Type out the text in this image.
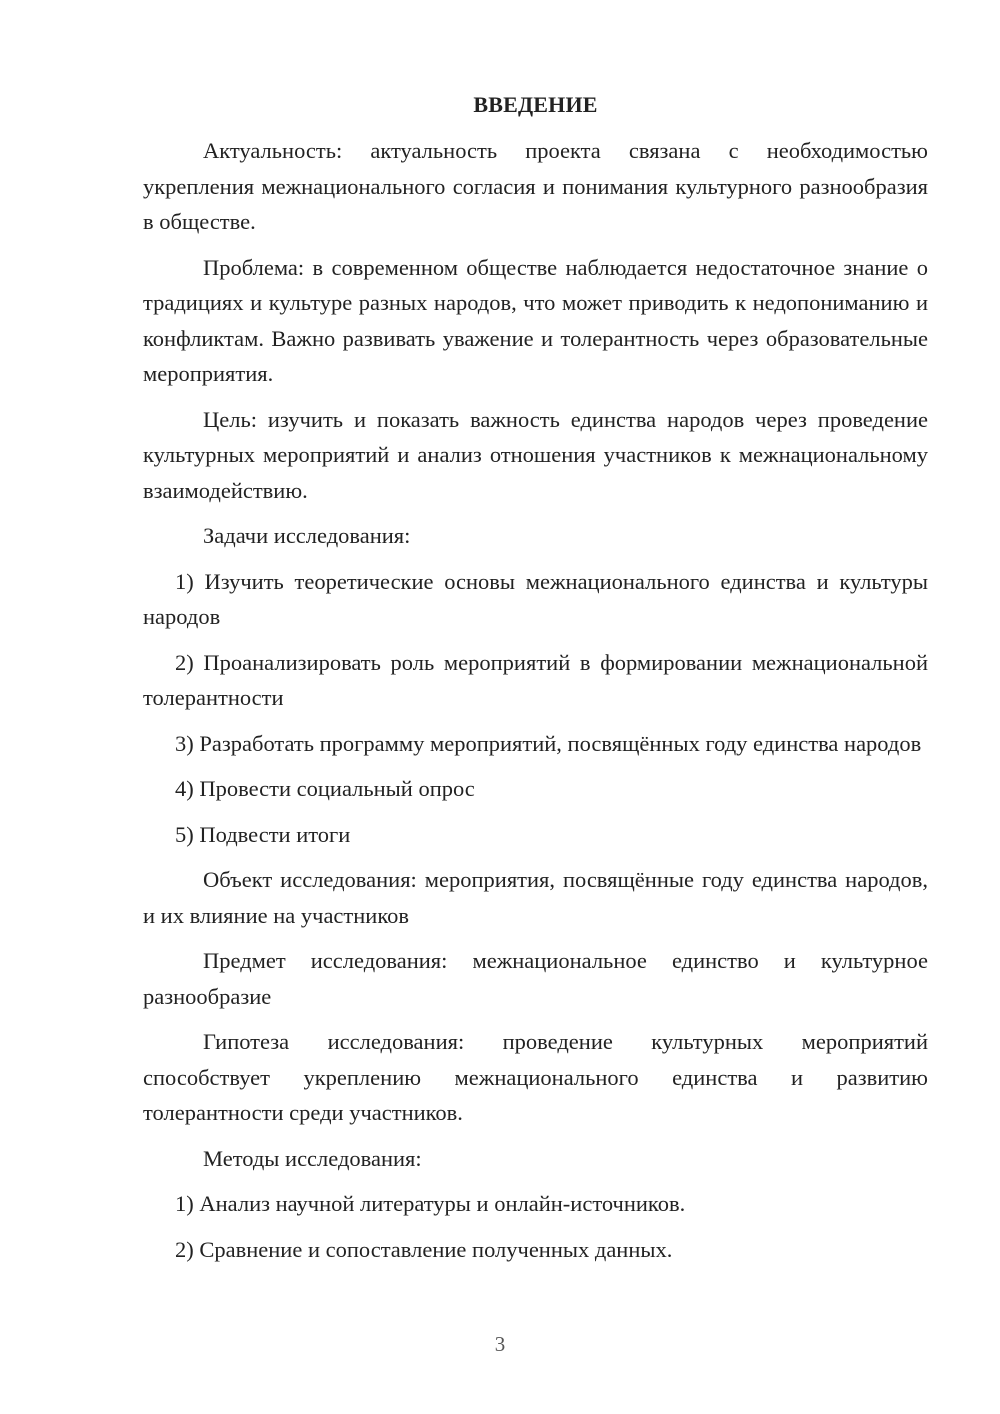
ВВЕДЕНИЕ

Актуальность: актуальность проекта связана с необходимостью укрепления межнационального согласия и понимания культурного разнообразия в обществе.

Проблема: в современном обществе наблюдается недостаточное знание о традициях и культуре разных народов, что может приводить к недопониманию и конфликтам. Важно развивать уважение и толерантность через образовательные мероприятия.

Цель: изучить и показать важность единства народов через проведение культурных мероприятий и анализ отношения участников к межнациональному взаимодействию.

Задачи исследования:

1) Изучить теоретические основы межнационального единства и культуры народов

2) Проанализировать роль мероприятий в формировании межнациональной толерантности

3) Разработать программу мероприятий, посвящённых году единства народов

4) Провести социальный опрос

5) Подвести итоги

Объект исследования: мероприятия, посвящённые году единства народов, и их влияние на участников

Предмет исследования: межнациональное единство и культурное разнообразие

Гипотеза исследования: проведение культурных мероприятий способствует укреплению межнационального единства и развитию толерантности среди участников.

Методы исследования:

1) Анализ научной литературы и онлайн-источников.

2) Сравнение и сопоставление полученных данных.

3
